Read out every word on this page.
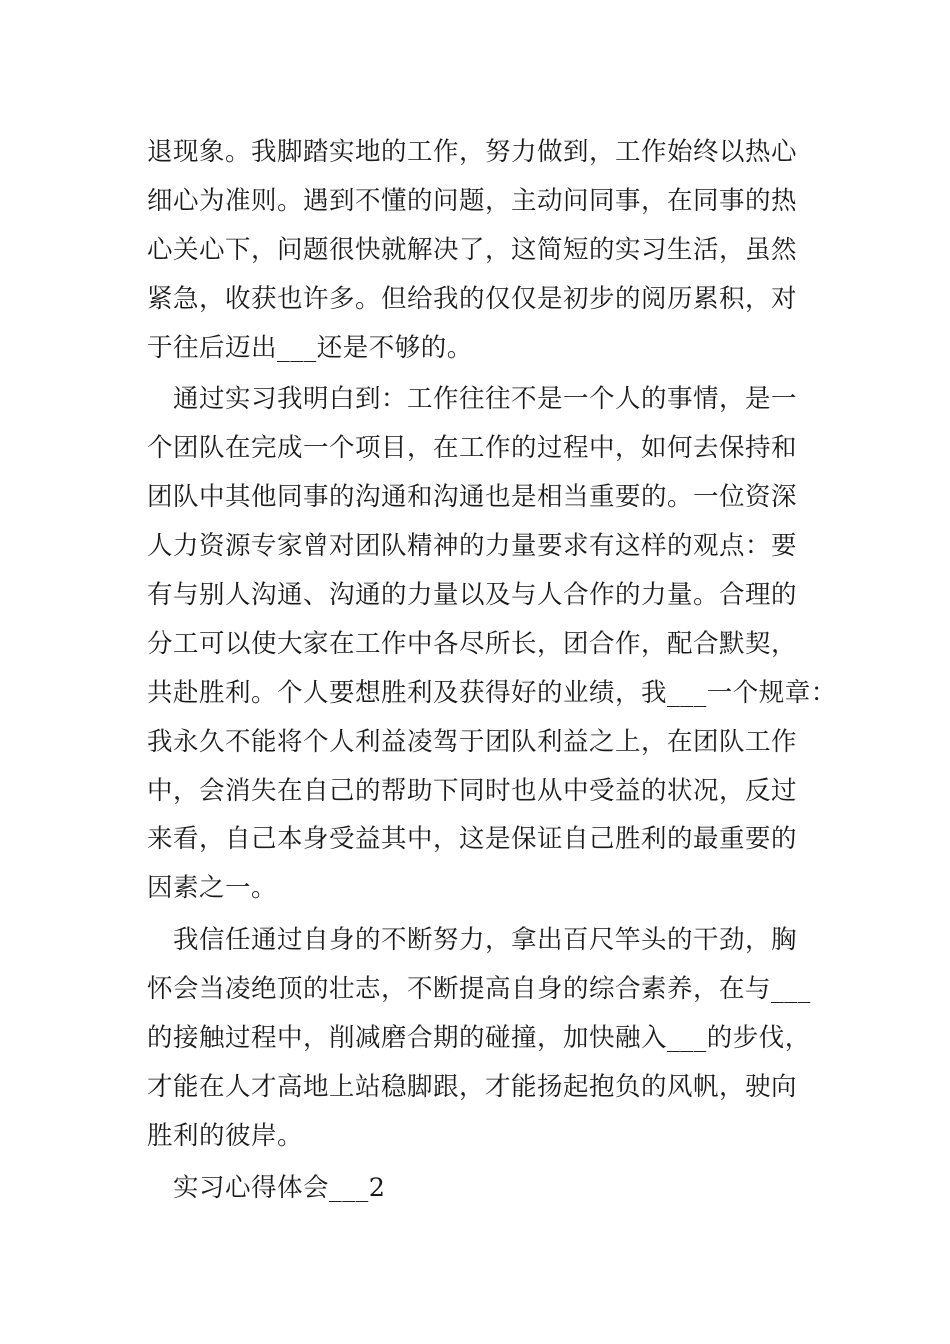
退现象。我脚踏实地的工作，努力做到，工作始终以热心
细心为准则。遇到不懂的问题，主动问同事，在同事的热
心关心下，问题很快就解决了，这简短的实习生活，虽然
紧急，收获也许多。但给我的仅仅是初步的阅历累积，对
于往后迈出___还是不够的。
通过实习我明白到：工作往往不是一个人的事情，是一
个团队在完成一个项目，在工作的过程中，如何去保持和
团队中其他同事的沟通和沟通也是相当重要的。一位资深
人力资源专家曾对团队精神的力量要求有这样的观点：要
有与别人沟通、沟通的力量以及与人合作的力量。合理的
分工可以使大家在工作中各尽所长，团合作，配合默契，
共赴胜利。个人要想胜利及获得好的业绩，我___一个规章：
我永久不能将个人利益凌驾于团队利益之上，在团队工作
中，会消失在自己的帮助下同时也从中受益的状况，反过
来看，自己本身受益其中，这是保证自己胜利的最重要的
因素之一。
我信任通过自身的不断努力，拿出百尺竿头的干劲，胸
怀会当凌绝顶的壮志，不断提高自身的综合素养，在与___
的接触过程中，削减磨合期的碰撞，加快融入___的步伐，
才能在人才高地上站稳脚跟，才能扬起抱负的风帆，驶向
胜利的彼岸。
实习心得体会___2
